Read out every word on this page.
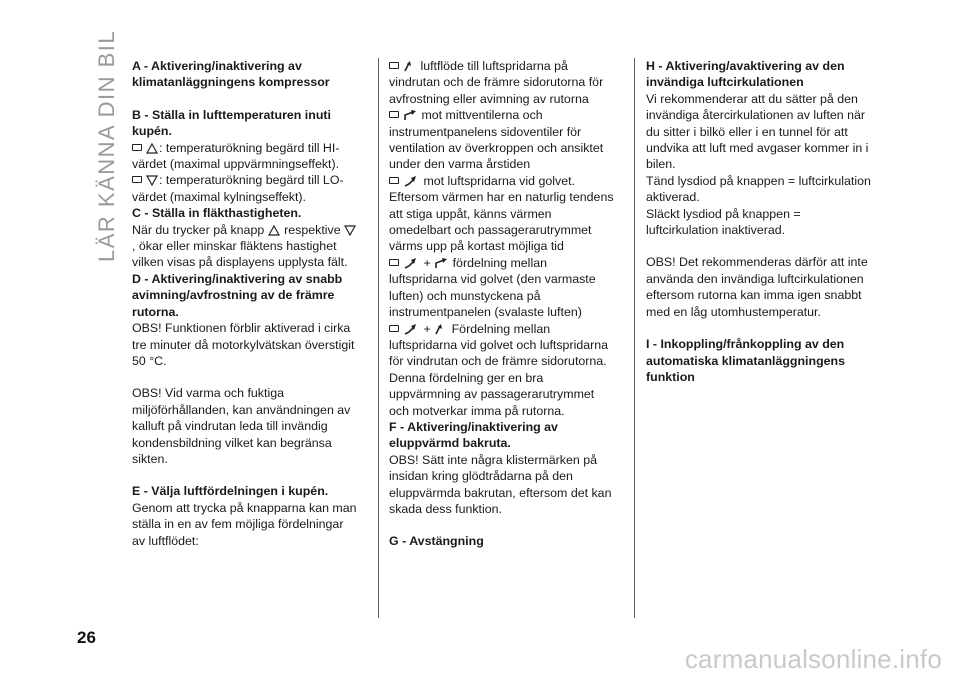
LÄR KÄNNA DIN BIL A - Aktivering/inaktivering av klimatanläggningens kompressor

B - Ställa in lufttemperaturen inuti kupén.

: temperaturökning begärd till HI-värdet (maximal uppvärmningseffekt).

: temperaturökning begärd till LO-värdet (maximal kylningseffekt).

C - Ställa in fläkthastigheten.

När du trycker på knapp respektive
, ökar eller minskar fläktens hastighet vilken visas på displayens upplysta fält.

D - Aktivering/inaktivering av snabb avimning/avfrostning av de främre rutorna.

OBS! Funktionen förblir aktiverad i cirka tre minuter då motorkylvätskan överstigit 50 °C.

OBS! Vid varma och fuktiga miljöförhållanden, kan användningen av kalluft på vindrutan leda till invändig kondensbildning vilket kan begränsa sikten.

E - Välja luftfördelningen i kupén.

Genom att trycka på knapparna kan man ställa in en av fem möjliga fördelningar av luftflödet:

luftflöde till luftspridarna på vindrutan och de främre sidorutorna för avfrostning eller avimning av rutorna

mot mittventilerna och instrumentpanelens sidoventiler för ventilation av överkroppen och ansiktet under den varma årstiden

mot luftspridarna vid golvet.

Eftersom värmen har en naturlig tendens att stiga uppåt, känns värmen omedelbart och passagerarutrymmet värms upp på kortast möjliga tid

+ fördelning mellan luftspridarna vid golvet (den varmaste luften) och munstyckena på instrumentpanelen (svalaste luften)

+ Fördelning mellan luftspridarna vid golvet och luftspridarna för vindrutan och de främre sidorutorna. Denna fördelning ger en bra uppvärmning av passagerarutrymmet och motverkar imma på rutorna.

F - Aktivering/inaktivering av eluppvärmd bakruta.

OBS! Sätt inte några klistermärken på insidan kring glödtrådarna på den eluppvärmda bakrutan, eftersom det kan skada dess funktion.

G - Avstängning

H - Aktivering/avaktivering av den invändiga luftcirkulationen

Vi rekommenderar att du sätter på den invändiga återcirkulationen av luften när du sitter i bilkö eller i en tunnel för att undvika att luft med avgaser kommer in i bilen.

Tänd lysdiod på knappen = luftcirkulation aktiverad.

Släckt lysdiod på knappen = luftcirkulation inaktiverad.

OBS! Det rekommenderas därför att inte använda den invändiga luftcirkulationen eftersom rutorna kan imma igen snabbt med en låg utomhustemperatur.

I - Inkoppling/frånkoppling av den automatiska klimatanläggningens funktion

26
carmanualsonline.info
